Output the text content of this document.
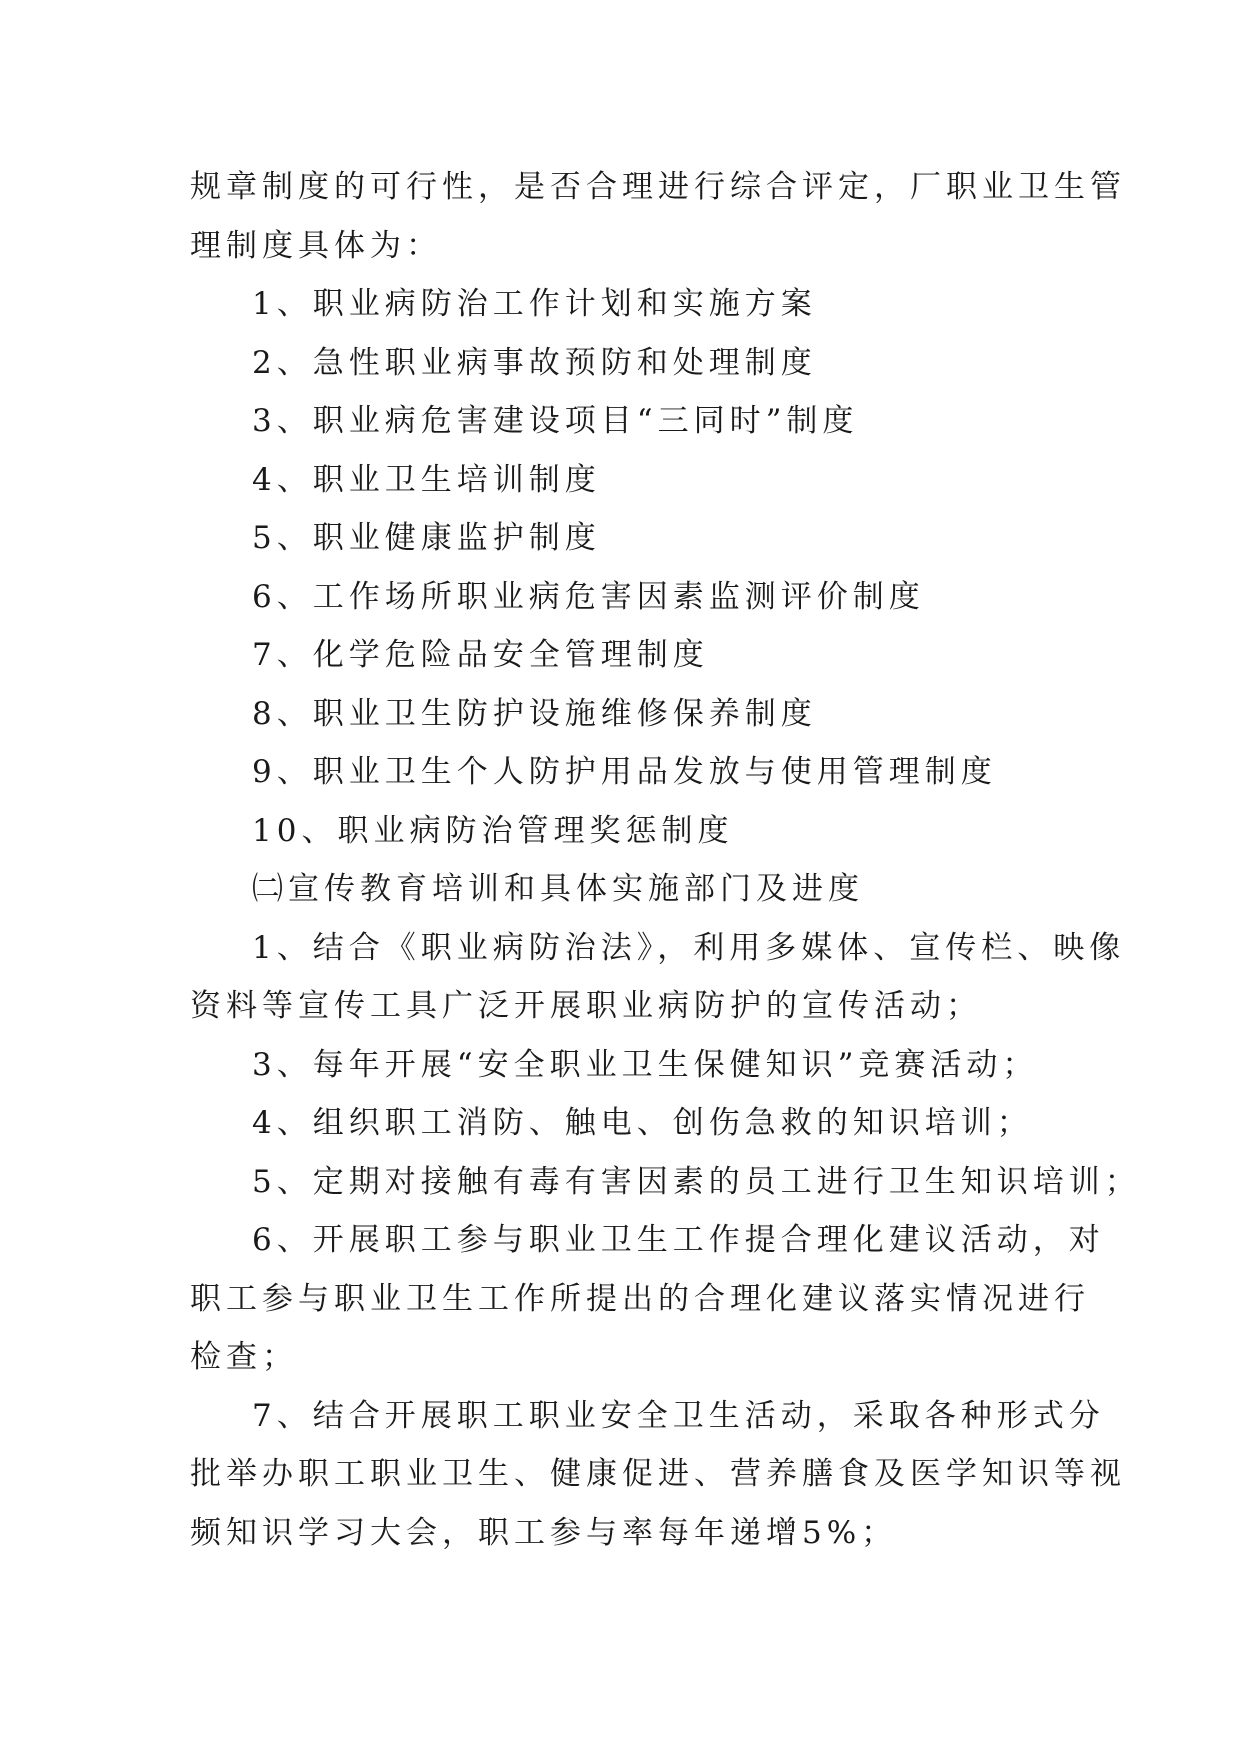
规章制度的可行性，是否合理进行综合评定，厂职业卫生管
理制度具体为：
1、职业病防治工作计划和实施方案
2、急性职业病事故预防和处理制度
3、职业病危害建设项目“三同时”制度
4、职业卫生培训制度
5、职业健康监护制度
6、工作场所职业病危害因素监测评价制度
7、化学危险品安全管理制度
8、职业卫生防护设施维修保养制度
9、职业卫生个人防护用品发放与使用管理制度
10、职业病防治管理奖惩制度
㈡宣传教育培训和具体实施部门及进度
1、结合《职业病防治法》，利用多媒体、宣传栏、映像
资料等宣传工具广泛开展职业病防护的宣传活动；
3、每年开展“安全职业卫生保健知识”竞赛活动；
4、组织职工消防、触电、创伤急救的知识培训；
5、定期对接触有毒有害因素的员工进行卫生知识培训；
6、开展职工参与职业卫生工作提合理化建议活动，对
职工参与职业卫生工作所提出的合理化建议落实情况进行
检查；
7、结合开展职工职业安全卫生活动，采取各种形式分
批举办职工职业卫生、健康促进、营养膳食及医学知识等视
频知识学习大会，职工参与率每年递增5%；
